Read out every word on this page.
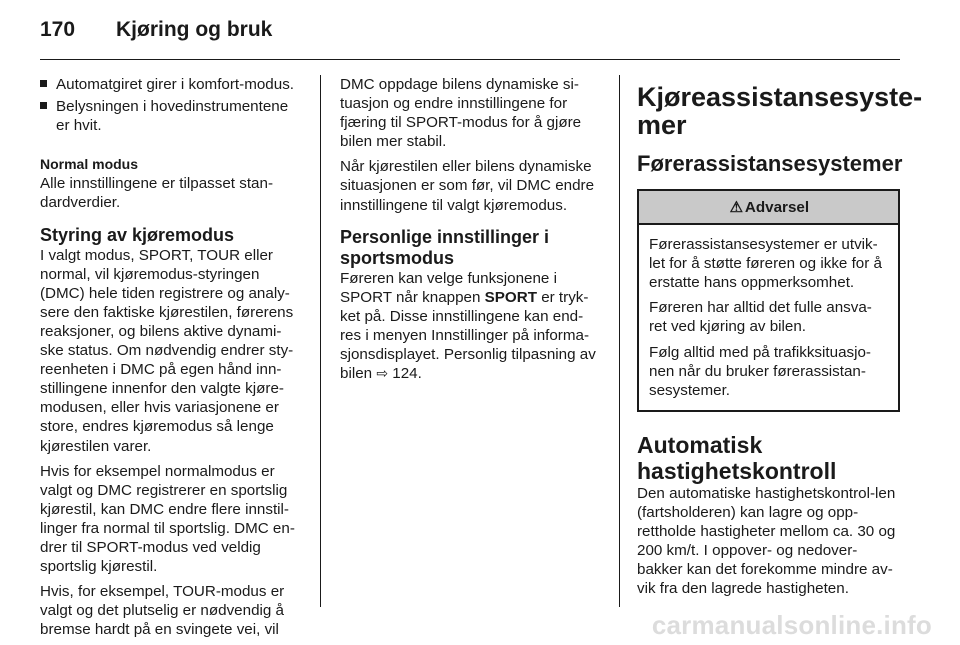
170 Kjøring og bruk
Automatgiret girer i komfort-modus.
Belysningen i hovedinstrumentene er hvit.
Normal modus

Alle innstillingene er tilpasset stan-dardverdier.

Styring av kjøremodus

I valgt modus, SPORT, TOUR eller normal, vil kjøremodus-styringen (DMC) hele tiden registrere og analy-sere den faktiske kjørestilen, førerens reaksjoner, og bilens aktive dynami-ske status. Om nødvendig endrer sty-reenheten i DMC på egen hånd inn-stillingene innenfor den valgte kjøre-modusen, eller hvis variasjonene er store, endres kjøremodus så lenge kjørestilen varer.

Hvis for eksempel normalmodus er valgt og DMC registrerer en sportslig kjørestil, kan DMC endre flere innstil-linger fra normal til sportslig. DMC en-drer til SPORT-modus ved veldig sportslig kjørestil.

Hvis, for eksempel, TOUR-modus er valgt og det plutselig er nødvendig å bremse hardt på en svingete vei, vil

DMC oppdage bilens dynamiske si-tuasjon og endre innstillingene for fjæring til SPORT-modus for å gjøre bilen mer stabil.

Når kjørestilen eller bilens dynamiske situasjonen er som før, vil DMC endre innstillingene til valgt kjøremodus.

Personlige innstillinger i sportsmodus

Føreren kan velge funksjonene i SPORT når knappen SPORT er tryk-ket på. Disse innstillingene kan end-res i menyen Innstillinger på informa-sjonsdisplayet. Personlig tilpasning av bilen ⇨ 124.

Kjøreassistansesyste-mer
Førerassistansesystemer
⚠ Advarsel

Førerassistansesystemer er utvik-let for å støtte føreren og ikke for å erstatte hans oppmerksomhet.

Føreren har alltid det fulle ansva-ret ved kjøring av bilen.

Følg alltid med på trafikksituasjo-nen når du bruker førerassistan-sesystemer.

Automatisk hastighetskontroll

Den automatiske hastighetskontrol-len (fartsholderen) kan lagre og opp-rettholde hastigheter mellom ca. 30 og 200 km/t. I oppover- og nedover-bakker kan det forekomme mindre av-vik fra den lagrede hastigheten.

carmanualsonline.info
